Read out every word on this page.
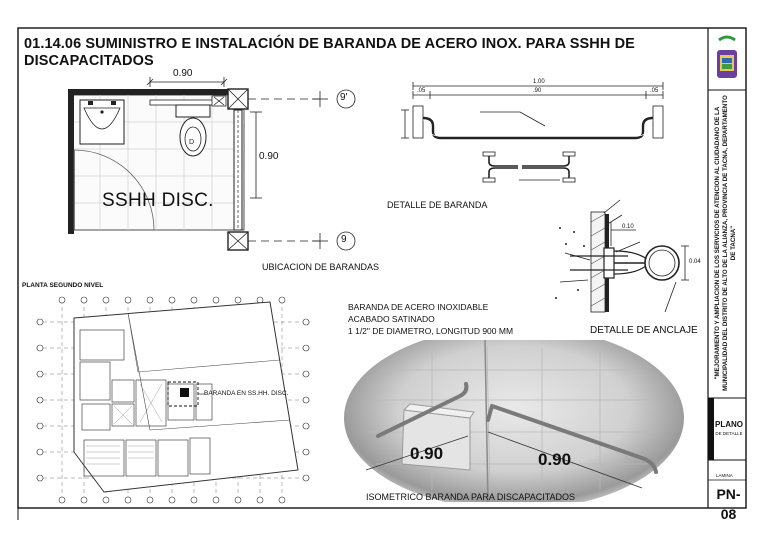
D
0.90	0.90
01.14.06 SUMINISTRO E INSTALACIÓN DE BARANDA DE ACERO INOX. PARA SSHH DE DISCAPACITADOS
0.90
0.90
SSHH DISC.
9'
9
UBICACION DE BARANDAS
DETALLE DE BARANDA
1.00
.05	.90	.05
DETALLE DE ANCLAJE
0.10
0.04
PLANTA SEGUNDO NIVEL
BARANDA EN SS.HH. DISC.
BARANDA DE ACERO INOXIDABLE
ACABADO SATINADO
1 1/2" DE DIAMETRO, LONGITUD 900 MM
ISOMETRICO BARANDA PARA DISCAPACITADOS
"MEJORAMIENTO Y AMPLIACION DE LOS SERVICIOS DE ATENCION AL CIUDADANO DE LA MUNICIPALIDAD DEL DISTRITO DE ALTO DE LA ALIANZA, PROVINCIA DE TACNA, DEPARTAMENTO DE TACNA"
PLANO
DE DETALLE
LAMINA
PN-08
